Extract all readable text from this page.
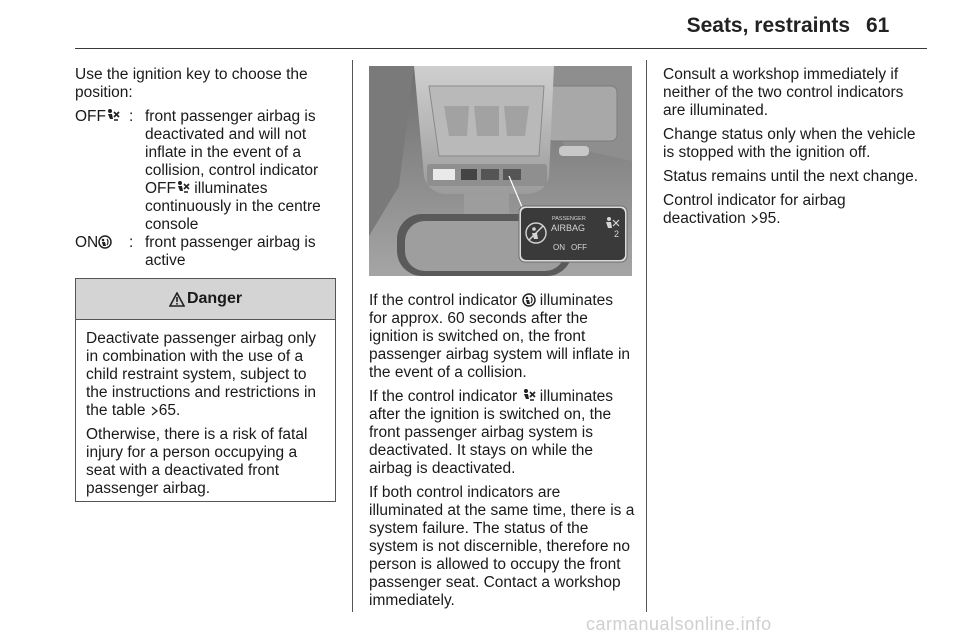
Seats, restraints 61

Use the ignition key to choose the position:

OFF	: front passenger airbag is deactivated and will not inflate in the event of a collision, control indicator OFF illuminates continuously in the centre console
ON	: front passenger airbag is active
Danger

Deactivate passenger airbag only in combination with the use of a child restraint system, subject to the instructions and restrictions in the table 65.

Otherwise, there is a risk of fatal injury for a person occupying a seat with a deactivated front passenger airbag.

PASSENGER
AIRBAG
ON OFF
2

If the control indicator  illuminates for approx. 60 seconds after the ignition is switched on, the front passenger airbag system will inflate in the event of a collision.

If the control indicator  illuminates after the ignition is switched on, the front passenger airbag system is deactivated. It stays on while the airbag is deactivated.

If both control indicators are illuminated at the same time, there is a system failure. The status of the system is not discernible, therefore no person is allowed to occupy the front passenger seat. Contact a workshop immediately.

Consult a workshop immediately if neither of the two control indicators are illuminated.

Change status only when the vehicle is stopped with the ignition off.

Status remains until the next change.

Control indicator for airbag deactivation 95.

carmanualsonline.info
